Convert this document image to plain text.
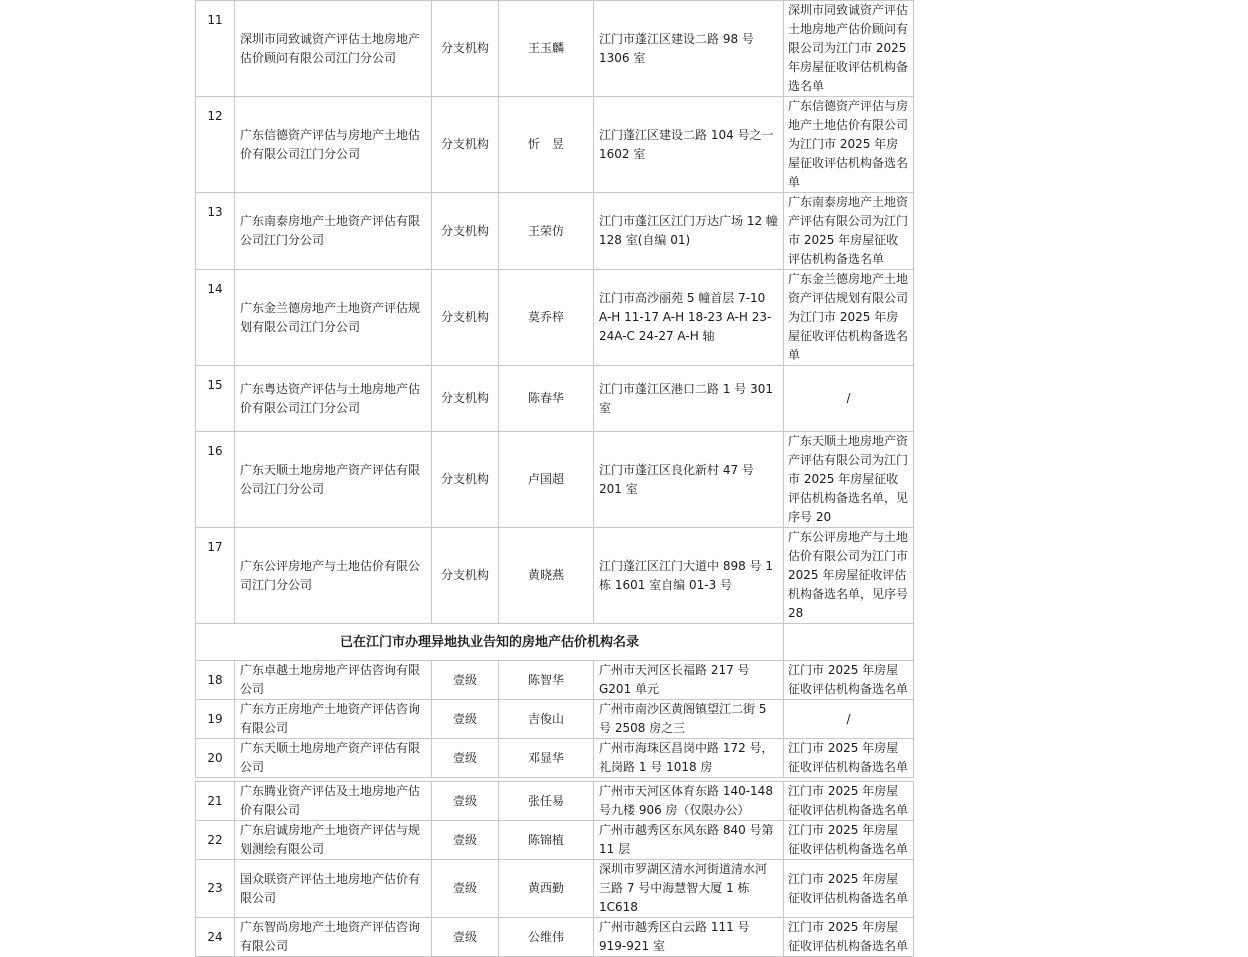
11	深圳市同致诚资产评估土地房地产估价顾问有限公司江门分公司	分支机构	王玉麟	江门市蓬江区建设二路 98 号 1306 室	深圳市同致诚资产评估土地房地产估价顾问有限公司为江门市 2025 年房屋征收评估机构备选名单
12	广东信德资产评估与房地产土地估价有限公司江门分公司	分支机构	忻　昱	江门蓬江区建设二路 104 号之一 1602 室	广东信德资产评估与房地产土地估价有限公司为江门市 2025 年房屋征收评估机构备选名单
13	广东南泰房地产土地资产评估有限公司江门分公司	分支机构	王荣仿	江门市蓬江区江门万达广场 12 幢 128 室(自编 01)	广东南泰房地产土地资产评估有限公司为江门市 2025 年房屋征收评估机构备选名单
14	广东金兰德房地产土地资产评估规划有限公司江门分公司	分支机构	莫乔梓	江门市高沙丽苑 5 幢首层 7-10 A-H 11-17 A-H 18-23 A-H 23-24A-C 24-27 A-H 轴	广东金兰德房地产土地资产评估规划有限公司为江门市 2025 年房屋征收评估机构备选名单
15	广东粤达资产评估与土地房地产估价有限公司江门分公司	分支机构	陈春华	江门市蓬江区港口二路 1 号 301 室	/
16	广东天顺土地房地产资产评估有限公司江门分公司	分支机构	卢国超	江门市蓬江区良化新村 47 号 201 室	广东天顺土地房地产资产评估有限公司为江门市 2025 年房屋征收评估机构备选名单，见序号 20
17	广东公评房地产与土地估价有限公司江门分公司	分支机构	黄晓燕	江门蓬江区江门大道中 898 号 1 栋 1601 室自编 01-3 号	广东公评房地产与土地估价有限公司为江门市 2025 年房屋征收评估机构备选名单，见序号 28
已在江门市办理异地执业告知的房地产估价机构名录					
18	广东卓越土地房地产评估咨询有限公司	壹级	陈智华	广州市天河区长福路 217 号 G201 单元	江门市 2025 年房屋征收评估机构备选名单
19	广东方正房地产土地资产评估咨询有限公司	壹级	吉俊山	广州市南沙区黄阁镇望江二街 5 号 2508 房之三	/
20	广东天顺土地房地产资产评估有限公司	壹级	邓显华	广州市海珠区昌岗中路 172 号，礼岗路 1 号 1018 房	江门市 2025 年房屋征收评估机构备选名单

21	广东腾业资产评估及土地房地产估价有限公司	壹级	张任易	广州市天河区体育东路 140-148 号九楼 906 房（仅限办公）	江门市 2025 年房屋征收评估机构备选名单
22	广东启诚房地产土地资产评估与规划测绘有限公司	壹级	陈锦植	广州市越秀区东风东路 840 号第 11 层	江门市 2025 年房屋征收评估机构备选名单
23	国众联资产评估土地房地产估价有限公司	壹级	黄西勤	深圳市罗湖区清水河街道清水河三路 7 号中海慧智大厦 1 栋 1C618	江门市 2025 年房屋征收评估机构备选名单
24	广东智尚房地产土地资产评估咨询有限公司	壹级	公维伟	广州市越秀区白云路 111 号 919-921 室	江门市 2025 年房屋征收评估机构备选名单
